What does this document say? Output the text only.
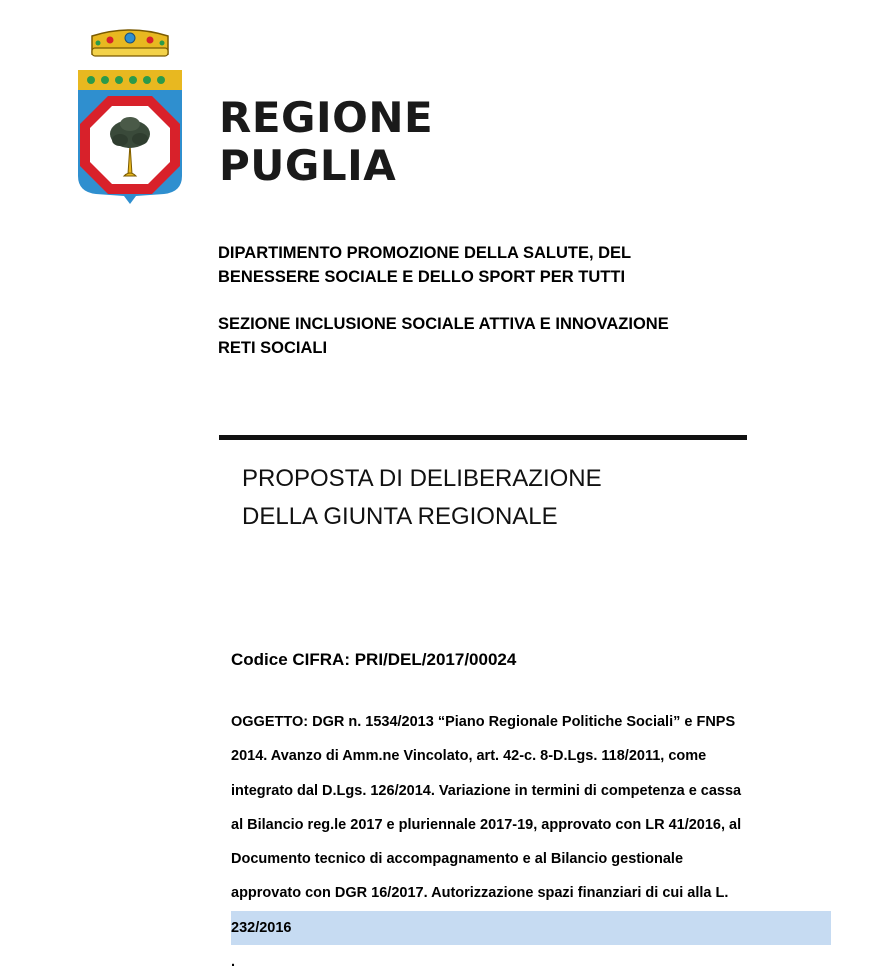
REGIONE
PUGLIA
DIPARTIMENTO PROMOZIONE DELLA SALUTE, DEL
BENESSERE SOCIALE E DELLO SPORT PER TUTTI
SEZIONE INCLUSIONE SOCIALE ATTIVA E INNOVAZIONE
RETI SOCIALI
PROPOSTA DI DELIBERAZIONE
DELLA GIUNTA REGIONALE
Codice CIFRA: PRI/DEL/2017/00024
OGGETTO: DGR n. 1534/2013 “Piano Regionale Politiche Sociali” e FNPS
2014. Avanzo di Amm.ne Vincolato, art. 42-c. 8-D.Lgs. 118/2011, come
integrato dal D.Lgs. 126/2014. Variazione in termini di competenza e cassa
al Bilancio reg.le 2017 e pluriennale 2017-19, approvato con LR 41/2016, al
Documento tecnico di accompagnamento e al Bilancio gestionale
approvato con DGR 16/2017. Autorizzazione spazi finanziari di cui alla L.
232/2016
.
